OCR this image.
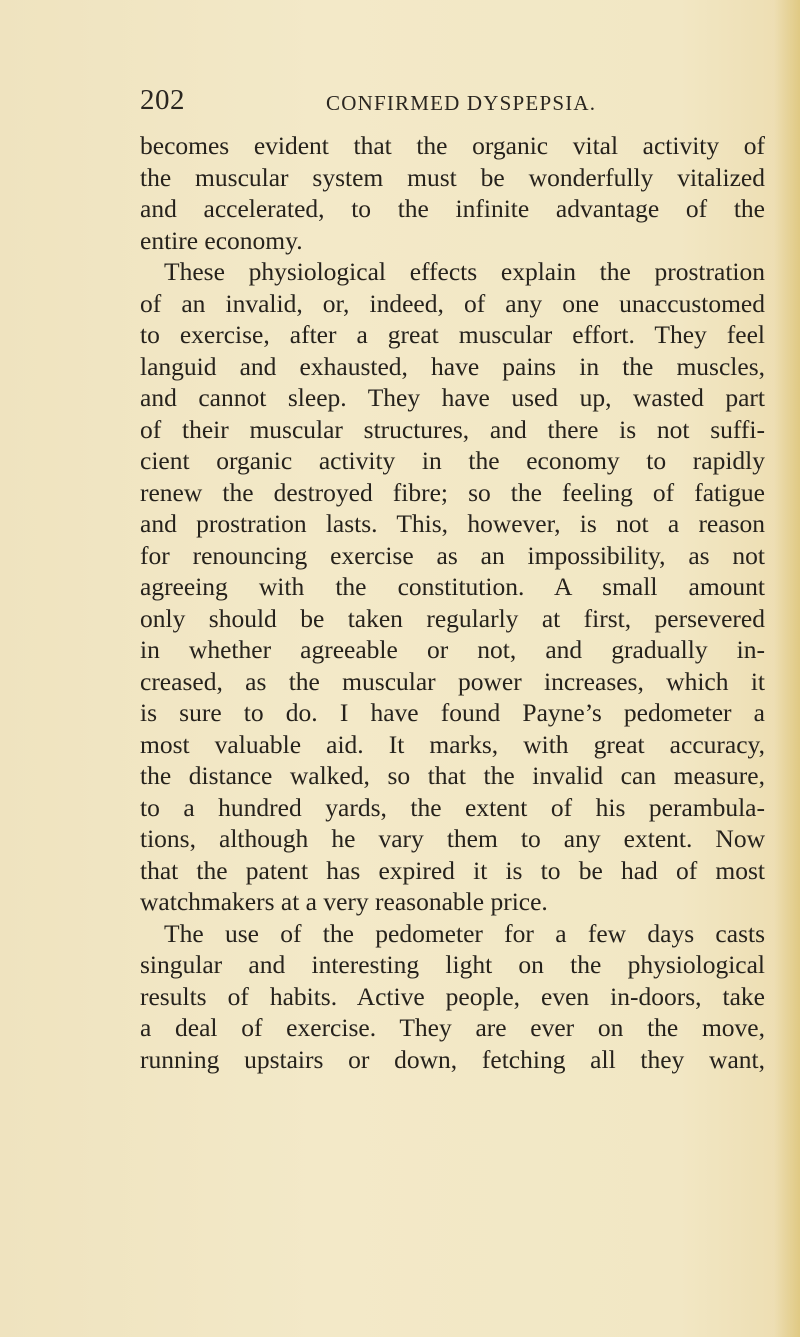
202	CONFIRMED DYSPEPSIA.
becomes evident that the organic vital activity of
the muscular system must be wonderfully vitalized
and accelerated, to the infinite advantage of the
entire economy.
These physiological effects explain the prostration
of an invalid, or, indeed, of any one unaccustomed
to exercise, after a great muscular effort. They feel
languid and exhausted, have pains in the muscles,
and cannot sleep. They have used up, wasted part
of their muscular structures, and there is not suffi-
cient organic activity in the economy to rapidly
renew the destroyed fibre; so the feeling of fatigue
and prostration lasts. This, however, is not a reason
for renouncing exercise as an impossibility, as not
agreeing with the constitution. A small amount
only should be taken regularly at first, persevered
in whether agreeable or not, and gradually in-
creased, as the muscular power increases, which it
is sure to do. I have found Payne’s pedometer a
most valuable aid. It marks, with great accuracy,
the distance walked, so that the invalid can measure,
to a hundred yards, the extent of his perambula-
tions, although he vary them to any extent. Now
that the patent has expired it is to be had of most
watchmakers at a very reasonable price.
The use of the pedometer for a few days casts
singular and interesting light on the physiological
results of habits. Active people, even in-doors, take
a deal of exercise. They are ever on the move,
running upstairs or down, fetching all they want,
